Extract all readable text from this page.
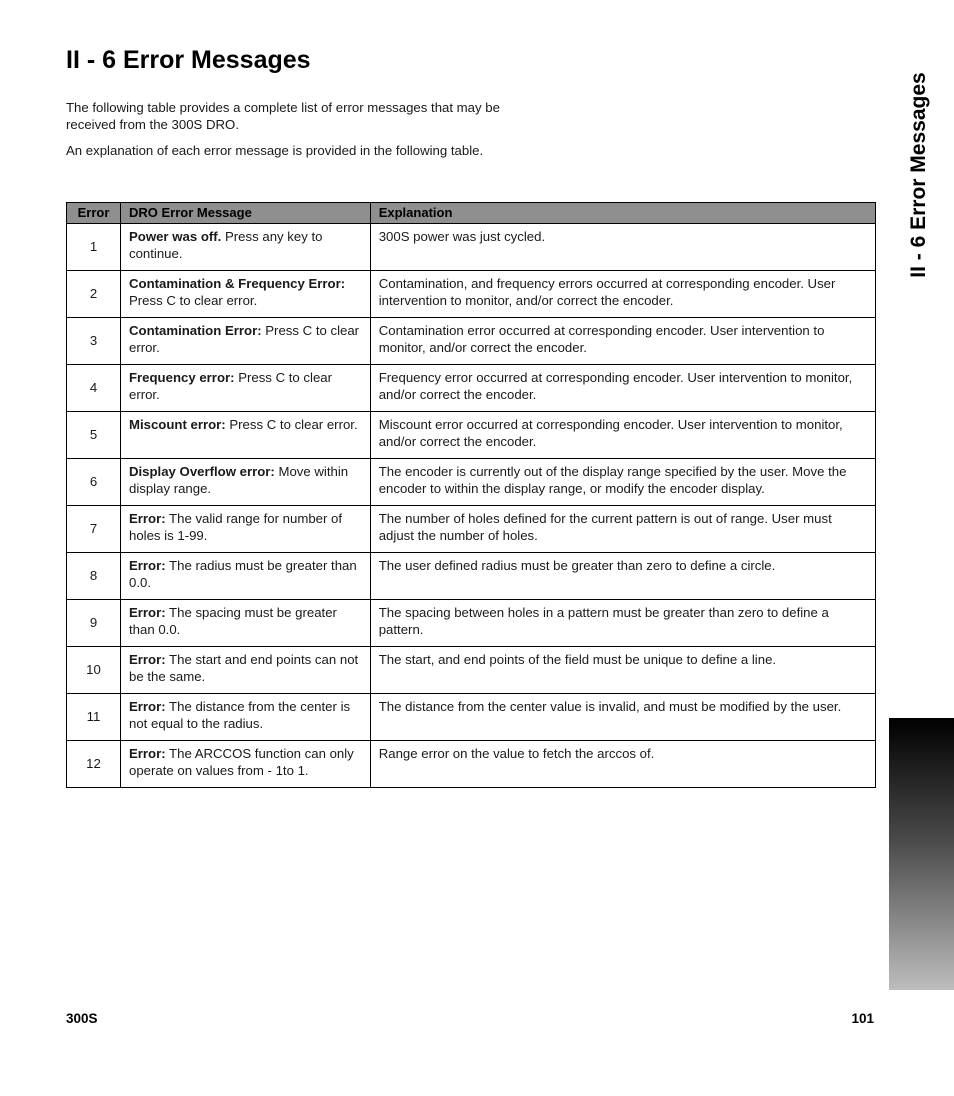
II - 6 Error Messages

The following table provides a complete list of error messages that may be received from the 300S DRO.

An explanation of each error message is provided in the following table.	II - 6 Error Messages
Error	DRO Error Message	Explanation
1	Power was off. Press any key to continue.	300S power was just cycled.
2	Contamination & Frequency Error: Press C to clear error.	Contamination, and frequency errors occurred at corresponding encoder. User intervention to monitor, and/or correct the encoder.
3	Contamination Error: Press C to clear error.	Contamination error occurred at corresponding encoder. User intervention to monitor, and/or correct the encoder.
4	Frequency error: Press C to clear error.	Frequency error occurred at corresponding encoder. User intervention to monitor, and/or correct the encoder.
5	Miscount error: Press C to clear error.	Miscount error occurred at corresponding encoder. User intervention to monitor, and/or correct the encoder.
6	Display Overflow error: Move within display range.	The encoder is currently out of the display range specified by the user. Move the encoder to within the display range, or modify the encoder display.
7	Error: The valid range for number of holes is 1-99.	The number of holes defined for the current pattern is out of range. User must adjust the number of holes.
8	Error: The radius must be greater than 0.0.	The user defined radius must be greater than zero to define a circle.
9	Error: The spacing must be greater than 0.0.	The spacing between holes in a pattern must be greater than zero to define a pattern.
10	Error: The start and end points can not be the same.	The start, and end points of the field must be unique to define a line.
11	Error: The distance from the center is not equal to the radius.	The distance from the center value is invalid, and must be modified by the user.
12	Error: The ARCCOS function can only operate on values from - 1to 1.	Range error on the value to fetch the arccos of.
300S	101
